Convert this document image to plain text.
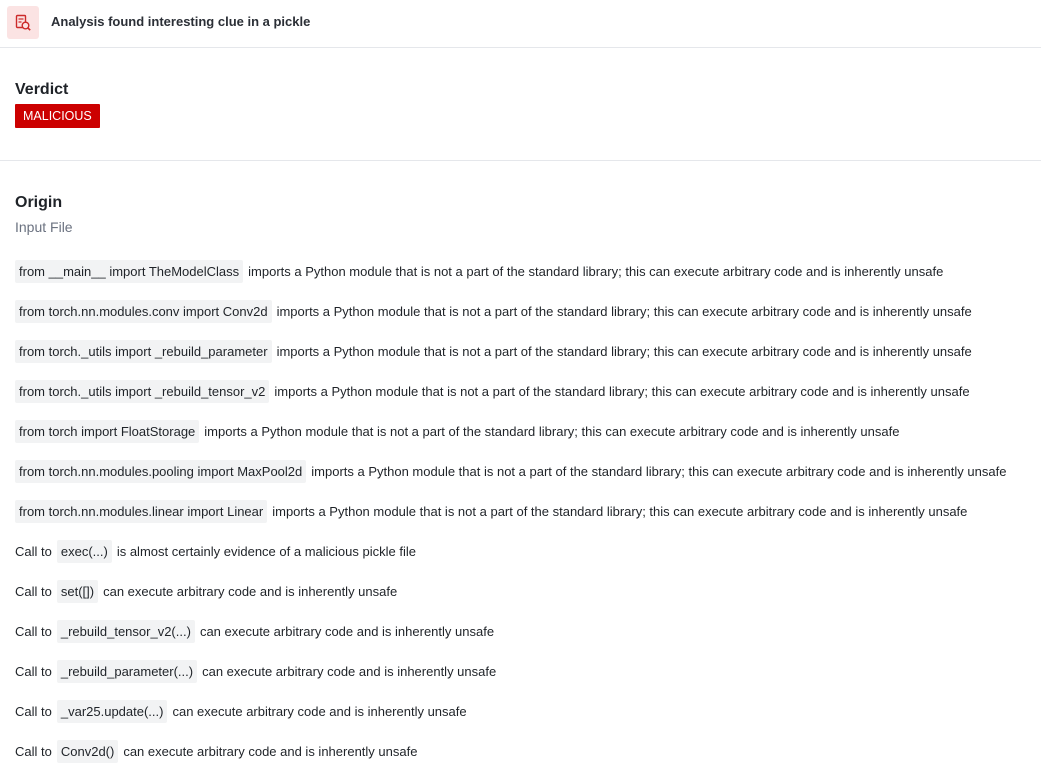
Analysis found interesting clue in a pickle
Verdict
MALICIOUS
Origin
Input File
from __main__ import TheModelClass imports a Python module that is not a part of the standard library; this can execute arbitrary code and is inherently unsafe
from torch.nn.modules.conv import Conv2d imports a Python module that is not a part of the standard library; this can execute arbitrary code and is inherently unsafe
from torch._utils import _rebuild_parameter imports a Python module that is not a part of the standard library; this can execute arbitrary code and is inherently unsafe
from torch._utils import _rebuild_tensor_v2 imports a Python module that is not a part of the standard library; this can execute arbitrary code and is inherently unsafe
from torch import FloatStorage imports a Python module that is not a part of the standard library; this can execute arbitrary code and is inherently unsafe
from torch.nn.modules.pooling import MaxPool2d imports a Python module that is not a part of the standard library; this can execute arbitrary code and is inherently unsafe
from torch.nn.modules.linear import Linear imports a Python module that is not a part of the standard library; this can execute arbitrary code and is inherently unsafe
Call to exec(...) is almost certainly evidence of a malicious pickle file
Call to set([]) can execute arbitrary code and is inherently unsafe
Call to _rebuild_tensor_v2(...) can execute arbitrary code and is inherently unsafe
Call to _rebuild_parameter(...) can execute arbitrary code and is inherently unsafe
Call to _var25.update(...) can execute arbitrary code and is inherently unsafe
Call to Conv2d() can execute arbitrary code and is inherently unsafe
